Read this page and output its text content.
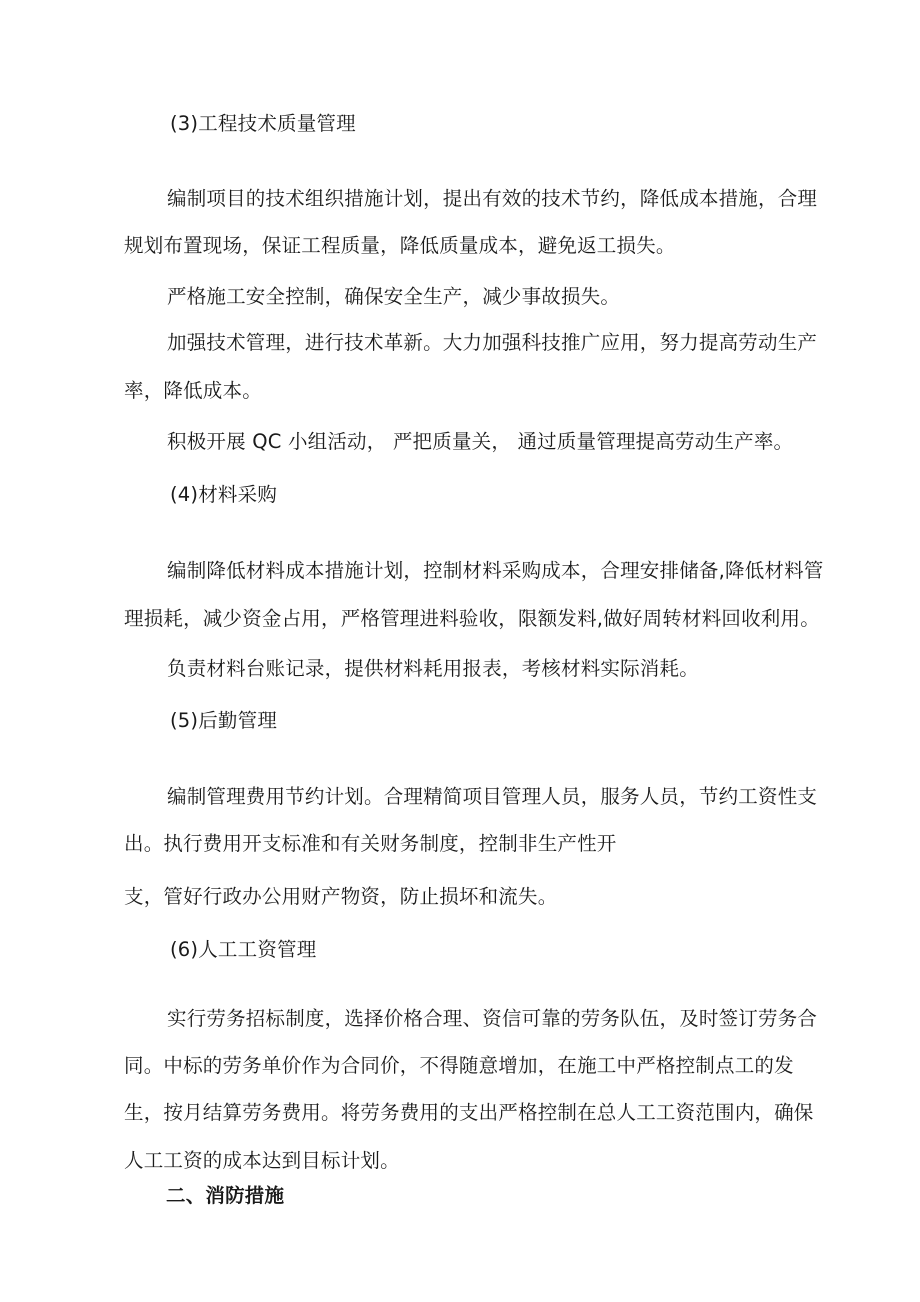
(3)工程技术质量管理
编制项目的技术组织措施计划，提出有效的技术节约，降低成本措施，合理
规划布置现场，保证工程质量，降低质量成本，避免返工损失。
严格施工安全控制，确保安全生产，减少事故损失。
加强技术管理，进行技术革新。大力加强科技推广应用，努力提高劳动生产
率，降低成本。
积极开展 QC 小组活动， 严把质量关， 通过质量管理提高劳动生产率。
(4)材料采购
编制降低材料成本措施计划，控制材料采购成本，合理安排储备,降低材料管
理损耗，减少资金占用，严格管理进料验收，限额发料,做好周转材料回收利用。
负责材料台账记录，提供材料耗用报表，考核材料实际消耗。
(5)后勤管理
编制管理费用节约计划。合理精简项目管理人员，服务人员，节约工资性支
出。执行费用开支标准和有关财务制度，控制非生产性开
支，管好行政办公用财产物资，防止损坏和流失。
(6)人工工资管理
实行劳务招标制度，选择价格合理、资信可靠的劳务队伍，及时签订劳务合
同。中标的劳务单价作为合同价，不得随意增加，在施工中严格控制点工的发
生，按月结算劳务费用。将劳务费用的支出严格控制在总人工工资范围内，确保
人工工资的成本达到目标计划。
二、消防措施
